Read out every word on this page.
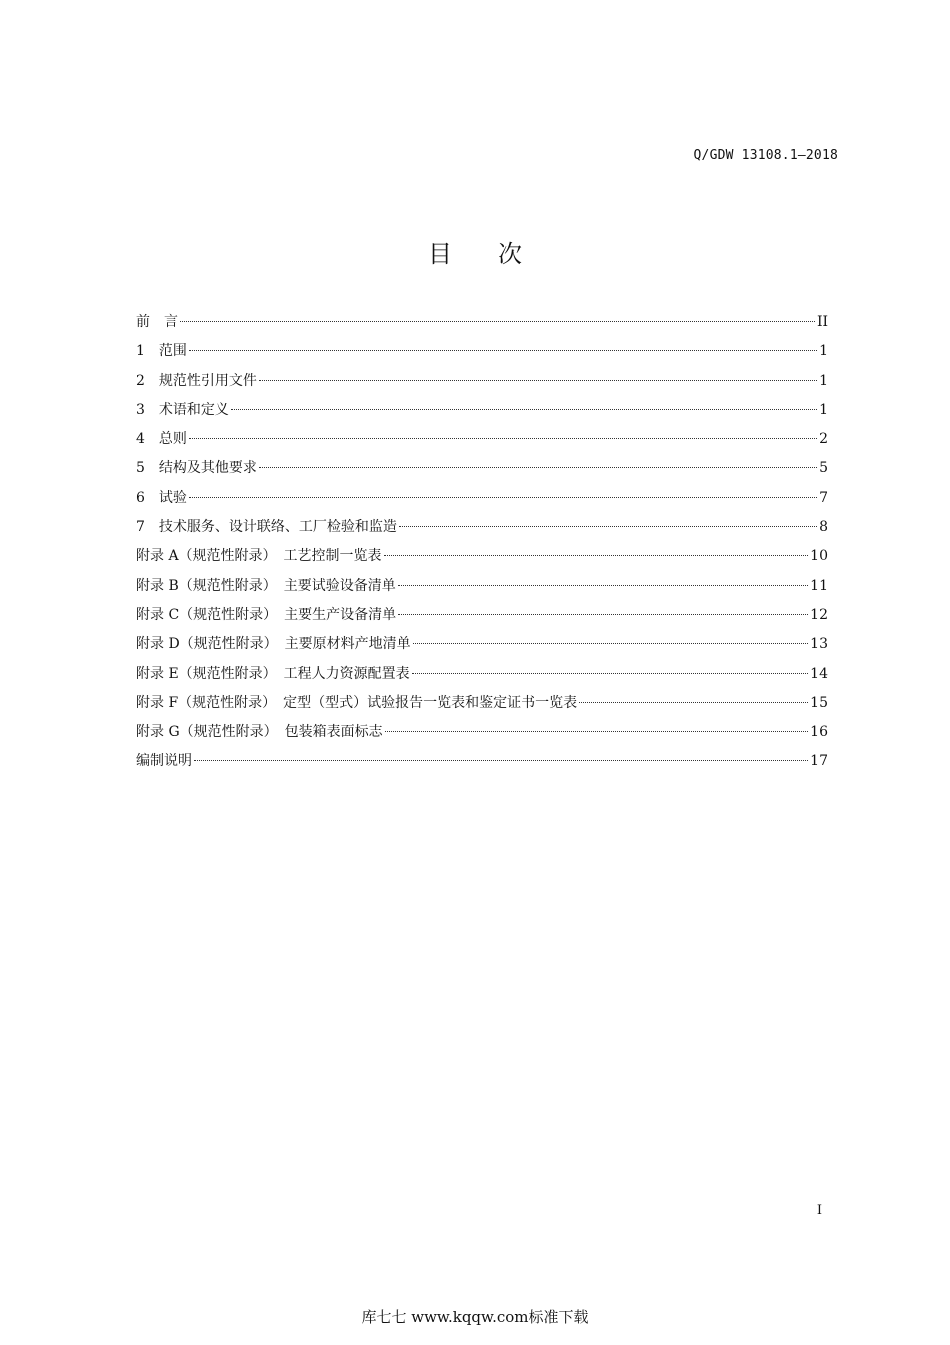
Q/GDW 13108.1—2018
目 次
前　言	II
1　范围	1
2　规范性引用文件	1
3　术语和定义	1
4　总则	2
5　结构及其他要求	5
6　试验	7
7　技术服务、设计联络、工厂检验和监造	8
附录 A（规范性附录）　工艺控制一览表	10
附录 B（规范性附录）　主要试验设备清单	11
附录 C（规范性附录）　主要生产设备清单	12
附录 D（规范性附录）　主要原材料产地清单	13
附录 E（规范性附录）　工程人力资源配置表	14
附录 F（规范性附录）　定型（型式）试验报告一览表和鉴定证书一览表	15
附录 G（规范性附录）　包装箱表面标志	16
编制说明	17
I
库七七 www.kqqw.com标准下载
